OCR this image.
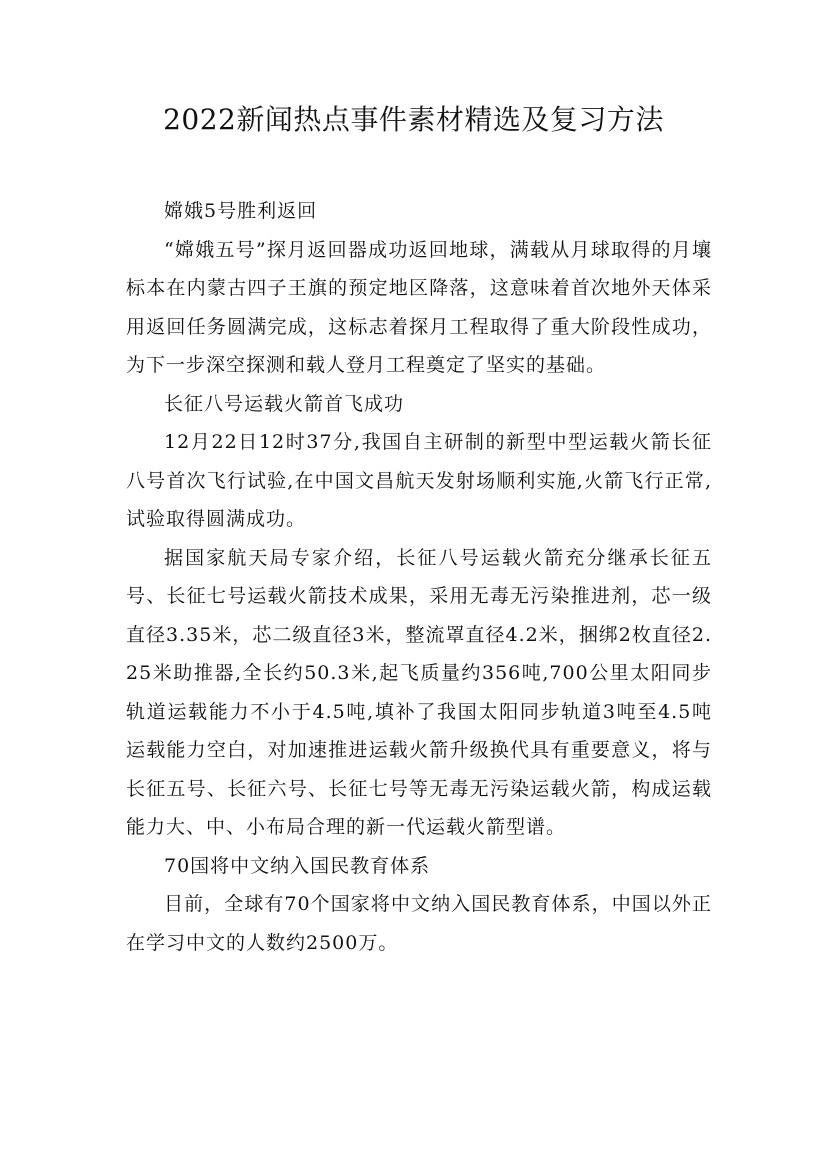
2022新闻热点事件素材精选及复习方法

嫦娥5号胜利返回

“嫦娥五号”探月返回器成功返回地球，满载从月球取得的月壤标本在内蒙古四子王旗的预定地区降落，这意味着首次地外天体采用返回任务圆满完成，这标志着探月工程取得了重大阶段性成功，为下一步深空探测和载人登月工程奠定了坚实的基础。

长征八号运载火箭首飞成功

12月22日12时37分,我国自主研制的新型中型运载火箭长征八号首次飞行试验,在中国文昌航天发射场顺利实施,火箭飞行正常,试验取得圆满成功。

据国家航天局专家介绍，长征八号运载火箭充分继承长征五号、长征七号运载火箭技术成果，采用无毒无污染推进剂，芯一级直径3.35米，芯二级直径3米，整流罩直径4.2米，捆绑2枚直径2.25米助推器,全长约50.3米,起飞质量约356吨,700公里太阳同步轨道运载能力不小于4.5吨,填补了我国太阳同步轨道3吨至4.5吨运载能力空白，对加速推进运载火箭升级换代具有重要意义，将与长征五号、长征六号、长征七号等无毒无污染运载火箭，构成运载能力大、中、小布局合理的新一代运载火箭型谱。

70国将中文纳入国民教育体系

目前，全球有70个国家将中文纳入国民教育体系，中国以外正在学习中文的人数约2500万。
